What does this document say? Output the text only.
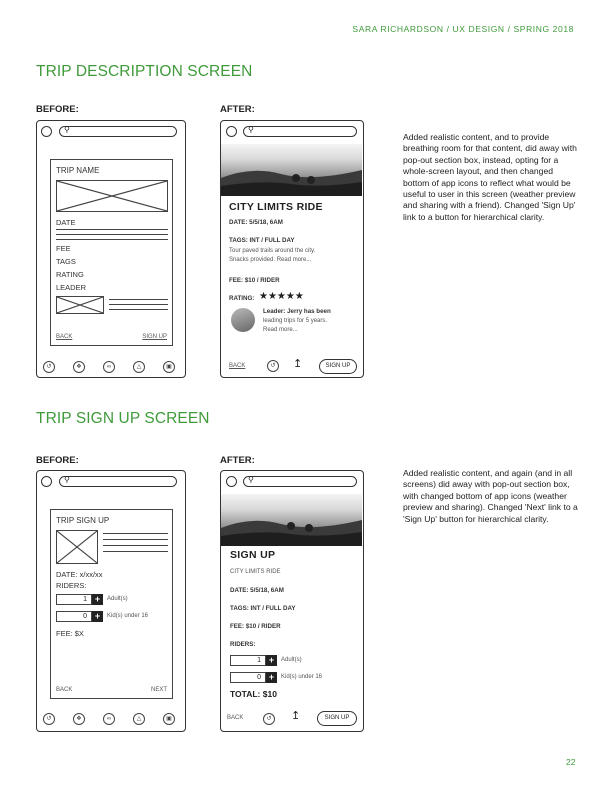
SARA RICHARDSON / UX DESIGN / SPRING 2018
TRIP DESCRIPTION SCREEN
BEFORE:	AFTER:
⚲
TRIP NAME
DATE
FEE
TAGS
RATING
LEADER
BACK	SIGN UP
↺	❖	∞	△	▣
⚲
CITY LIMITS RIDE
DATE: 5/5/18, 6AM
TAGS: INT / FULL DAY
Tour paved trails around the city.
Snacks provided. Read more...
FEE: $10 / RIDER
RATING: ★★★★★
Leader: Jerry has been
leading trips for 5 years.
Read more...
BACK	↺	↥	SIGN UP
Added realistic content, and to provide breathing room for that content, did away with pop-out section box, instead, opting for a whole-screen layout, and then changed bottom of app icons to reflect what would be useful to user in this screen (weather preview and sharing with a friend). Changed 'Sign Up' link to a button for hierarchical clarity.
TRIP SIGN UP SCREEN
BEFORE:	AFTER:
⚲
TRIP SIGN UP
DATE: x/xx/xx
RIDERS:
1 +	Adult(s)
0 +	Kid(s) under 16
FEE: $X
BACK	NEXT
↺	❖	∞	△	▣
⚲
SIGN UP
CITY LIMITS RIDE
DATE: 5/5/18, 6AM
TAGS: INT / FULL DAY
FEE: $10 / RIDER
RIDERS:
1 +	Adult(s)
0 +	Kid(s) under 16
TOTAL: $10
BACK	↺	↥	SIGN UP
Added realistic content, and again (and in all screens) did away with pop-out section box, with changed bottom of app icons (weather preview and sharing). Changed 'Next' link to a 'Sign Up' button for hierarchical clarity.
22
